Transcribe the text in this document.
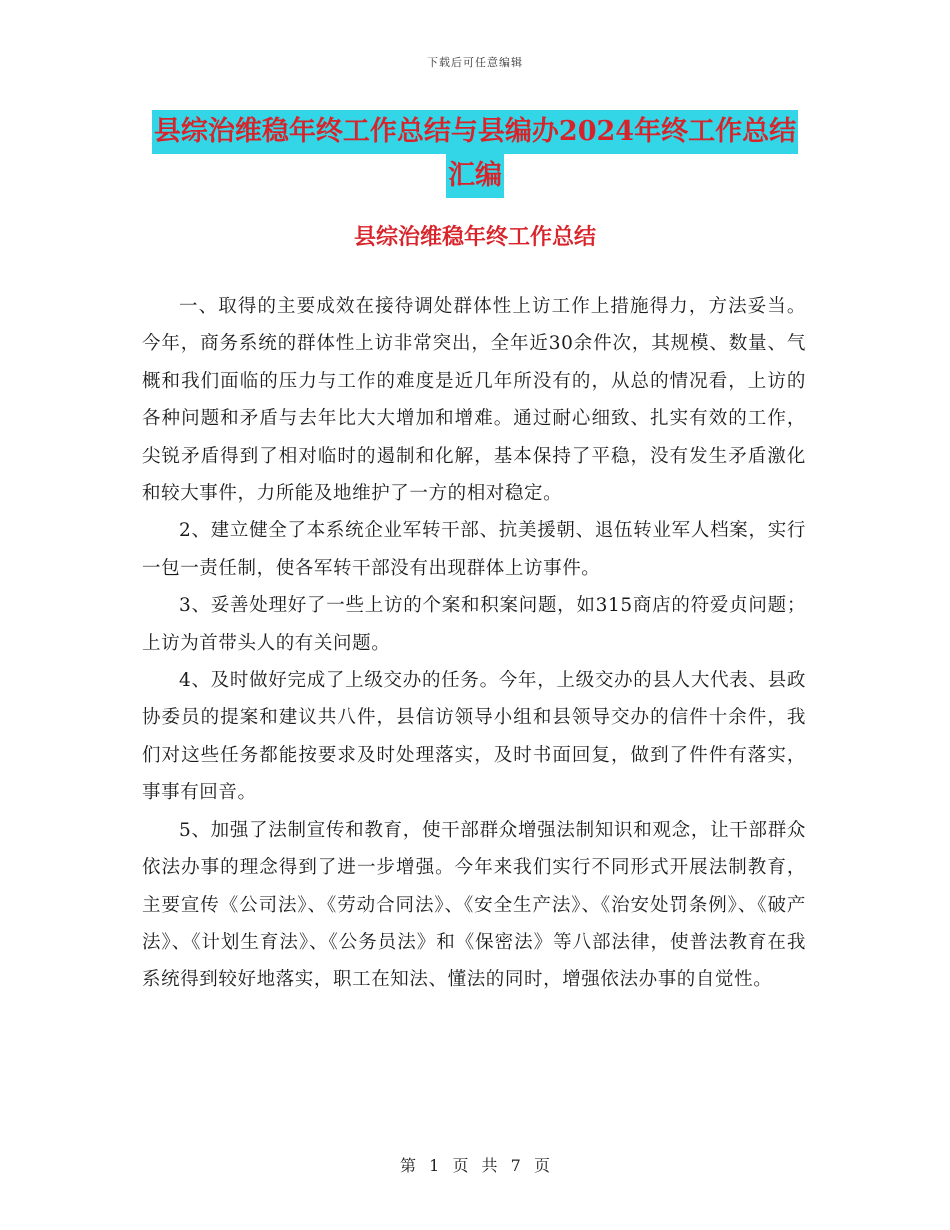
下载后可任意编辑
县综治维稳年终工作总结与县编办2024年终工作总结
汇编
县综治维稳年终工作总结

一、取得的主要成效在接待调处群体性上访工作上措施得力，方法妥当。今年，商务系统的群体性上访非常突出，全年近30余件次，其规模、数量、气概和我们面临的压力与工作的难度是近几年所没有的，从总的情况看，上访的各种问题和矛盾与去年比大大增加和增难。通过耐心细致、扎实有效的工作，尖锐矛盾得到了相对临时的遏制和化解，基本保持了平稳，没有发生矛盾激化和较大事件，力所能及地维护了一方的相对稳定。

2、建立健全了本系统企业军转干部、抗美援朝、退伍转业军人档案，实行一包一责任制，使各军转干部没有出现群体上访事件。

3、妥善处理好了一些上访的个案和积案问题，如315商店的符爱贞问题；上访为首带头人的有关问题。

4、及时做好完成了上级交办的任务。今年，上级交办的县人大代表、县政协委员的提案和建议共八件，县信访领导小组和县领导交办的信件十余件，我们对这些任务都能按要求及时处理落实，及时书面回复，做到了件件有落实，事事有回音。

5、加强了法制宣传和教育，使干部群众增强法制知识和观念，让干部群众依法办事的理念得到了进一步增强。今年来我们实行不同形式开展法制教育，主要宣传《公司法》、《劳动合同法》、《安全生产法》、《治安处罚条例》、《破产法》、《计划生育法》、《公务员法》和《保密法》等八部法律，使普法教育在我系统得到较好地落实，职工在知法、懂法的同时，增强依法办事的自觉性。

第 1 页 共 7 页
